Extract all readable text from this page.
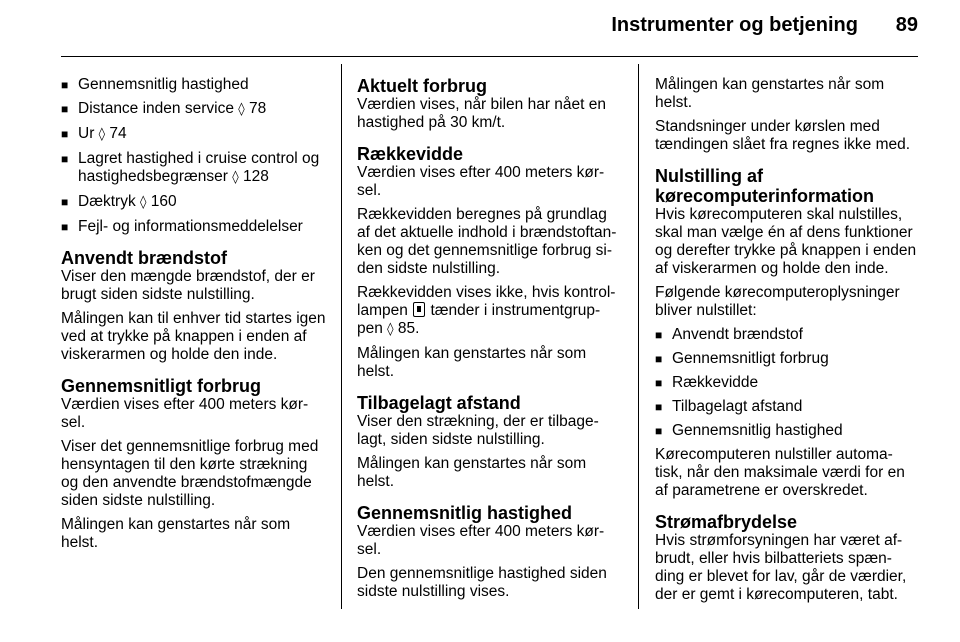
Instrumenter og betjening 89
■ Gennemsnitlig hastighed
■ Distance inden service ◊ 78
■ Ur ◊ 74
■ Lagret hastighed i cruise control og hastighedsbegrænser ◊ 128
■ Dæktryk ◊ 160
■ Fejl- og informationsmeddelelser
Anvendt brændstof

Viser den mængde brændstof, der er brugt siden sidste nulstilling.

Målingen kan til enhver tid startes igen ved at trykke på knappen i enden af viskerarmen og holde den inde.

Gennemsnitligt forbrug

Værdien vises efter 400 meters kør- sel.

Viser det gennemsnitlige forbrug med hensyntagen til den kørte strækning og den anvendte brændstofmængde siden sidste nulstilling.

Målingen kan genstartes når som helst.

Aktuelt forbrug

Værdien vises, når bilen har nået en hastighed på 30 km/t.

Rækkevidde

Værdien vises efter 400 meters kør- sel.

Rækkevidden beregnes på grundlag af det aktuelle indhold i brændstoftan- ken og det gennemsnitlige forbrug si- den sidste nulstilling.

Rækkevidden vises ikke, hvis kontrol- lampen  tænder i instrumentgrup- pen ◊ 85.

Målingen kan genstartes når som helst.

Tilbagelagt afstand

Viser den strækning, der er tilbage- lagt, siden sidste nulstilling.

Målingen kan genstartes når som helst.

Gennemsnitlig hastighed

Værdien vises efter 400 meters kør- sel.

Den gennemsnitlige hastighed siden sidste nulstilling vises.

Målingen kan genstartes når som helst.

Standsninger under kørslen med tændingen slået fra regnes ikke med.

Nulstilling af kørecomputerinformation

Hvis kørecomputeren skal nulstilles, skal man vælge én af dens funktioner og derefter trykke på knappen i enden af viskerarmen og holde den inde.

Følgende kørecomputeroplysninger bliver nulstillet:

■ Anvendt brændstof
■ Gennemsnitligt forbrug
■ Rækkevidde
■ Tilbagelagt afstand
■ Gennemsnitlig hastighed

Kørecomputeren nulstiller automa- tisk, når den maksimale værdi for en af parametrene er overskredet.

Strømafbrydelse

Hvis strømforsyningen har været af- brudt, eller hvis bilbatteriets spæn- ding er blevet for lav, går de værdier, der er gemt i kørecomputeren, tabt.
